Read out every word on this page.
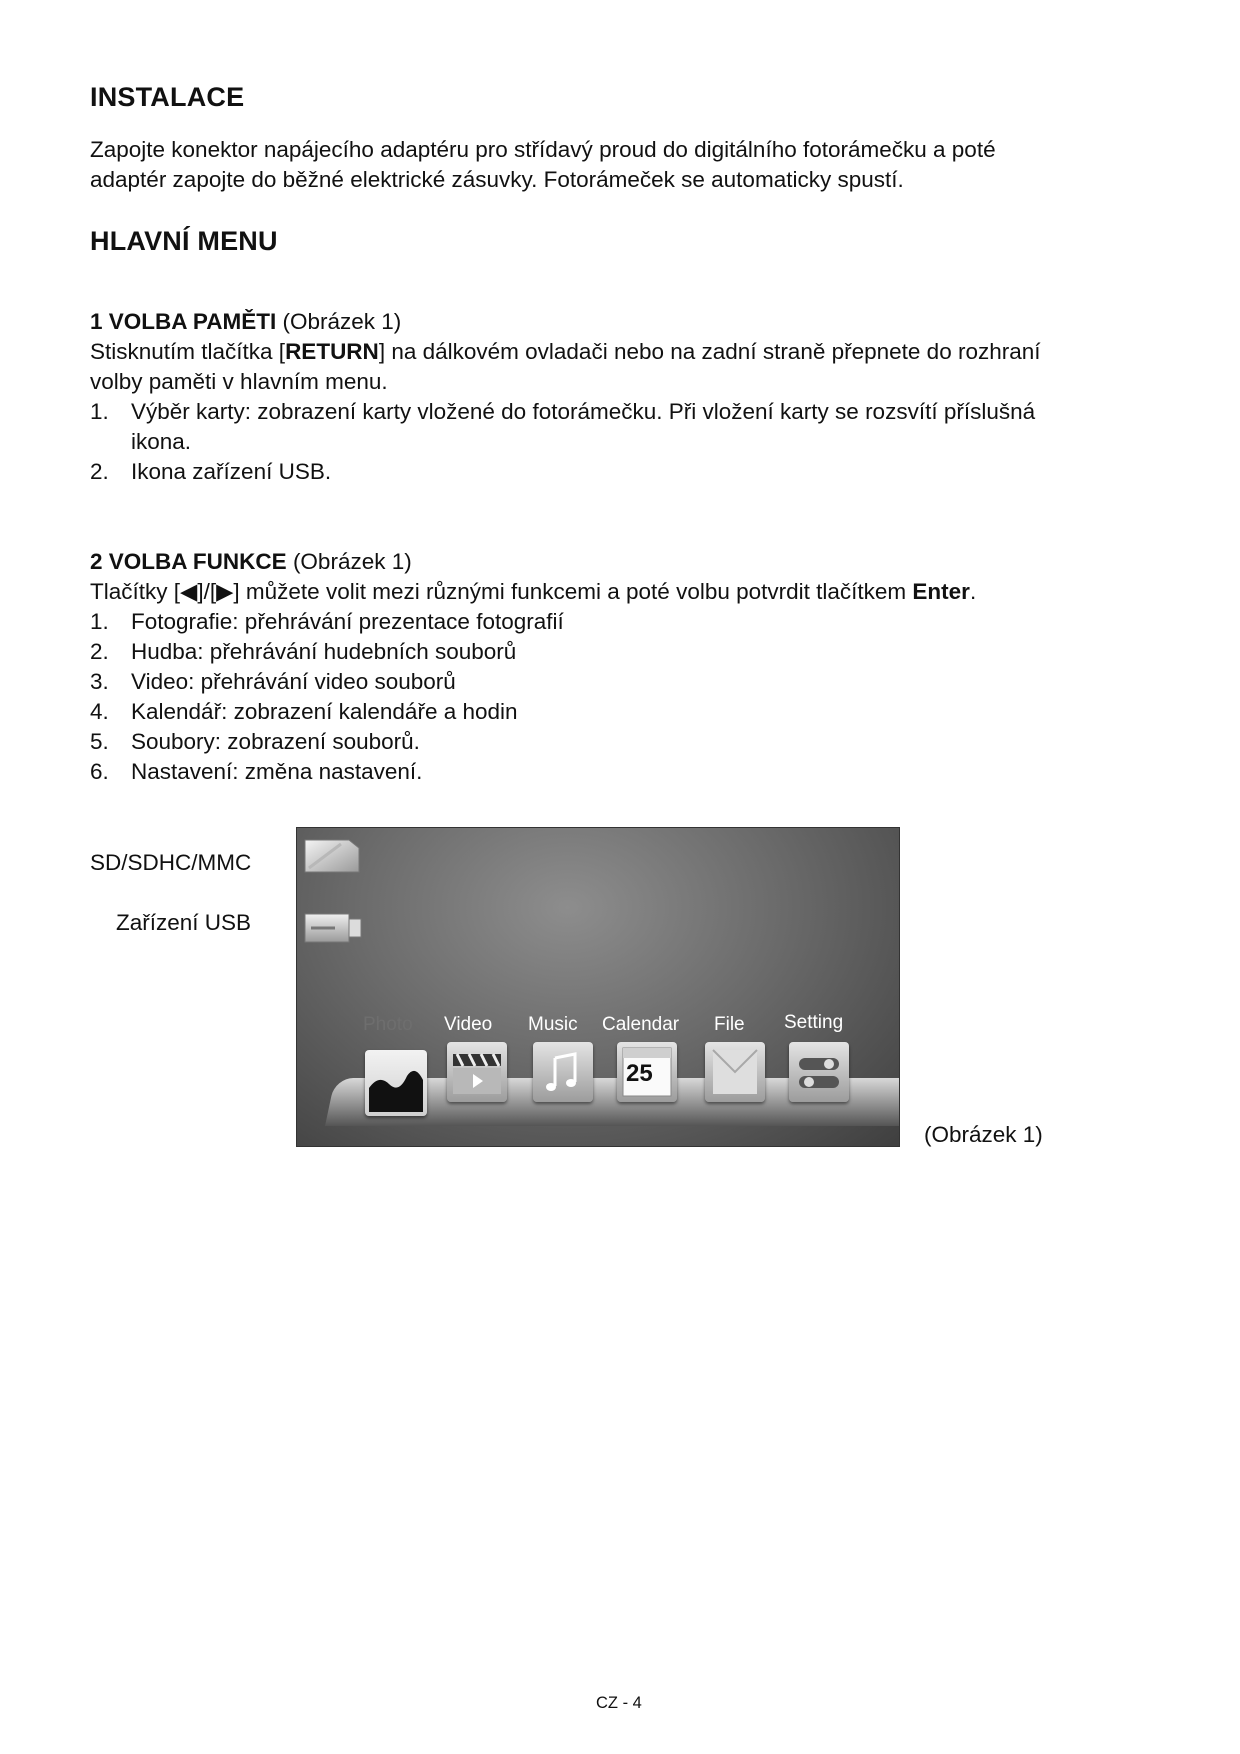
INSTALACE

Zapojte konektor napájecího adaptéru pro střídavý proud do digitálního fotorámečku a poté
adaptér zapojte do běžné elektrické zásuvky. Fotorámeček se automaticky spustí.

HLAVNÍ MENU

1 VOLBA PAMĚTI (Obrázek 1)

Stisknutím tlačítka [RETURN] na dálkovém ovladači nebo na zadní straně přepnete do rozhraní
volby paměti v hlavním menu.

1. Výběr karty: zobrazení karty vložené do fotorámečku. Při vložení karty se rozsvítí příslušná
ikona.
2. Ikona zařízení USB.

2 VOLBA FUNKCE (Obrázek 1)

Tlačítky [◀]/[▶] můžete volit mezi různými funkcemi a poté volbu potvrdit tlačítkem Enter.

1. Fotografie: přehrávání prezentace fotografií
2. Hudba: přehrávání hudebních souborů
3. Video: přehrávání video souborů
4. Kalendář: zobrazení kalendáře a hodin
5. Soubory: zobrazení souborů.
6. Nastavení: změna nastavení.
SD/SDHC/MMC
Zařízení USB
(Obrázek 1)
Photo Video Music Calendar File Setting
25
CZ - 4
